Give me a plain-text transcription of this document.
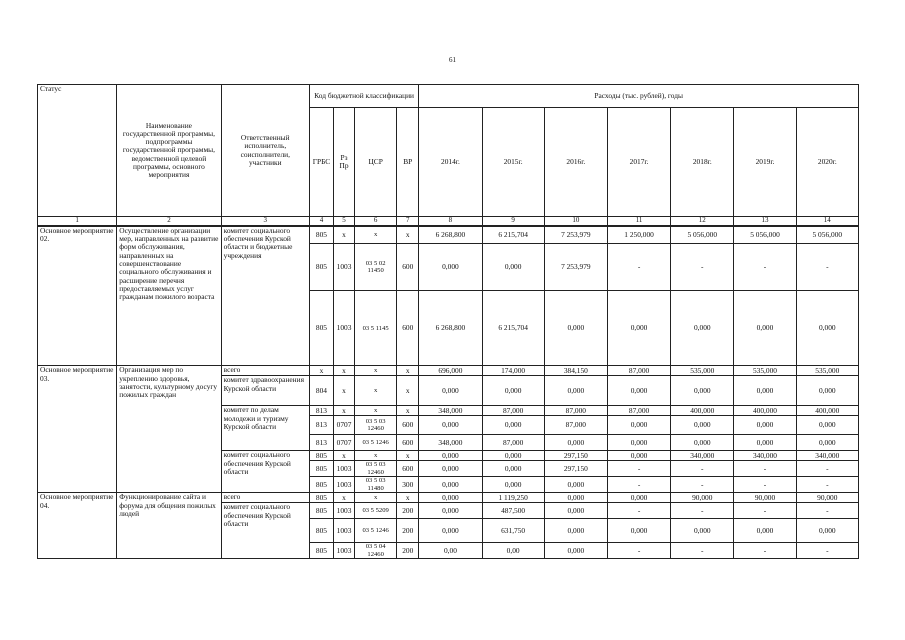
61
Статус	Наименование государственной программы, подпрограммы государственной программы, ведомственной целевой программы, основного мероприятия	Ответственный исполнитель, соисполнители, участники	Код бюджетной классификации				Расходы (тыс. рублей), годы						
			ГРБС	Рз Пр	ЦСР	ВР	2014г.	2015г.	2016г.	2017г.	2018г.	2019г.	2020г.
1	2	3	4	5	6	7	8	9	10	11	12	13	14
Основное мероприятие 02.	Осуществление организации мер, направленных на развитие форм обслуживания, направленных на совершенствование социального обслуживания и расширение перечня предоставляемых услуг гражданам пожилого возраста	комитет социального обеспечения Курской области и бюджетные учреждения	805	x	x	x	6 268,800	6 215,704	7 253,979	1 250,000	5 056,000	5 056,000	5 056,000
			805	1003	03 5 02 11450	600	0,000	0,000	7 253,979	-	-	-	-
			805	1003	03 5 1145	600	6 268,800	6 215,704	0,000	0,000	0,000	0,000	0,000
Основное мероприятие 03.	Организация мер по укреплению здоровья, занятости, культурному досугу пожилых граждан	всего	x	x	x	x	696,000	174,000	384,150	87,000	535,000	535,000	535,000
		комитет здравоохранения Курской области	804	x	x	x	0,000	0,000	0,000	0,000	0,000	0,000	0,000
		комитет по делам молодежи и туризму Курской области	813	x	x	x	348,000	87,000	87,000	87,000	400,000	400,000	400,000
			813	0707	03 5 03 12460	600	0,000	0,000	87,000	0,000	0,000	0,000	0,000
			813	0707	03 5 1246	600	348,000	87,000	0,000	0,000	0,000	0,000	0,000
		комитет социального обеспечения Курской области	805	x	x	x	0,000	0,000	297,150	0,000	340,000	340,000	340,000
			805	1003	03 5 03 12460	600	0,000	0,000	297,150	-	-	-	-
			805	1003	03 5 03 11480	300	0,000	0,000	0,000	-	-	-	-
Основное мероприятие 04.	Функционирование сайта и форума для общения пожилых людей	всего	805	x	x	x	0,000	1 119,250	0,000	0,000	90,000	90,000	90,000
		комитет социального обеспечения Курской области	805	1003	03 5 5209	200	0,000	487,500	0,000	-	-	-	-
			805	1003	03 5 1246	200	0,000	631,750	0,000	0,000	0,000	0,000	0,000
			805	1003	03 5 04 12460	200	0,00	0,00	0,000	-	-	-	-
